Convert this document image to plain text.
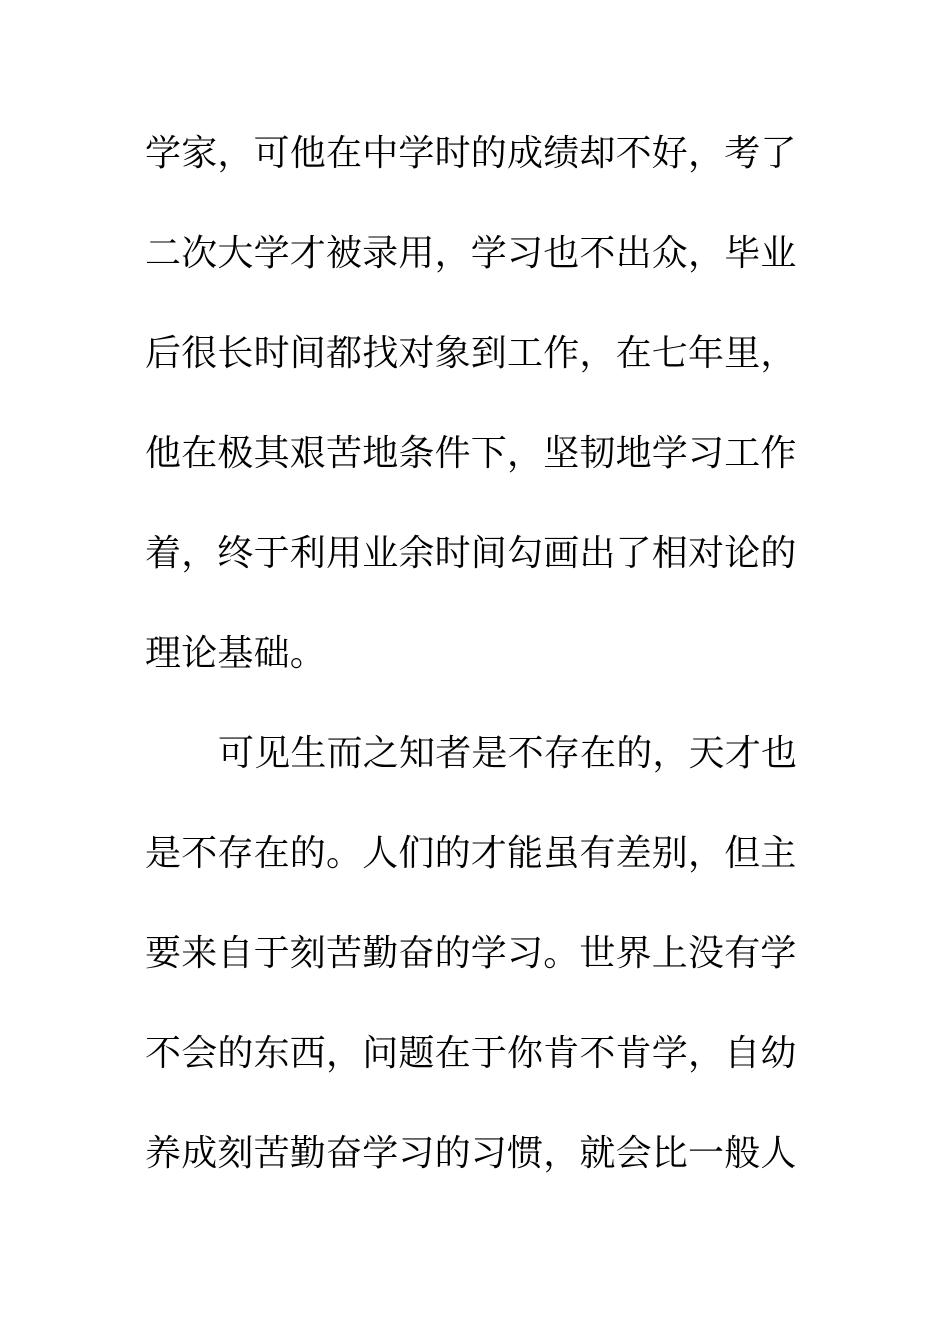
学家，可他在中学时的成绩却不好，考了
二次大学才被录用，学习也不出众，毕业
后很长时间都找对象到工作，在七年里，
他在极其艰苦地条件下，坚韧地学习工作
着，终于利用业余时间勾画出了相对论的
理论基础。
可见生而之知者是不存在的，天才也
是不存在的。人们的才能虽有差别，但主
要来自于刻苦勤奋的学习。世界上没有学
不会的东西，问题在于你肯不肯学，自幼
养成刻苦勤奋学习的习惯，就会比一般人
